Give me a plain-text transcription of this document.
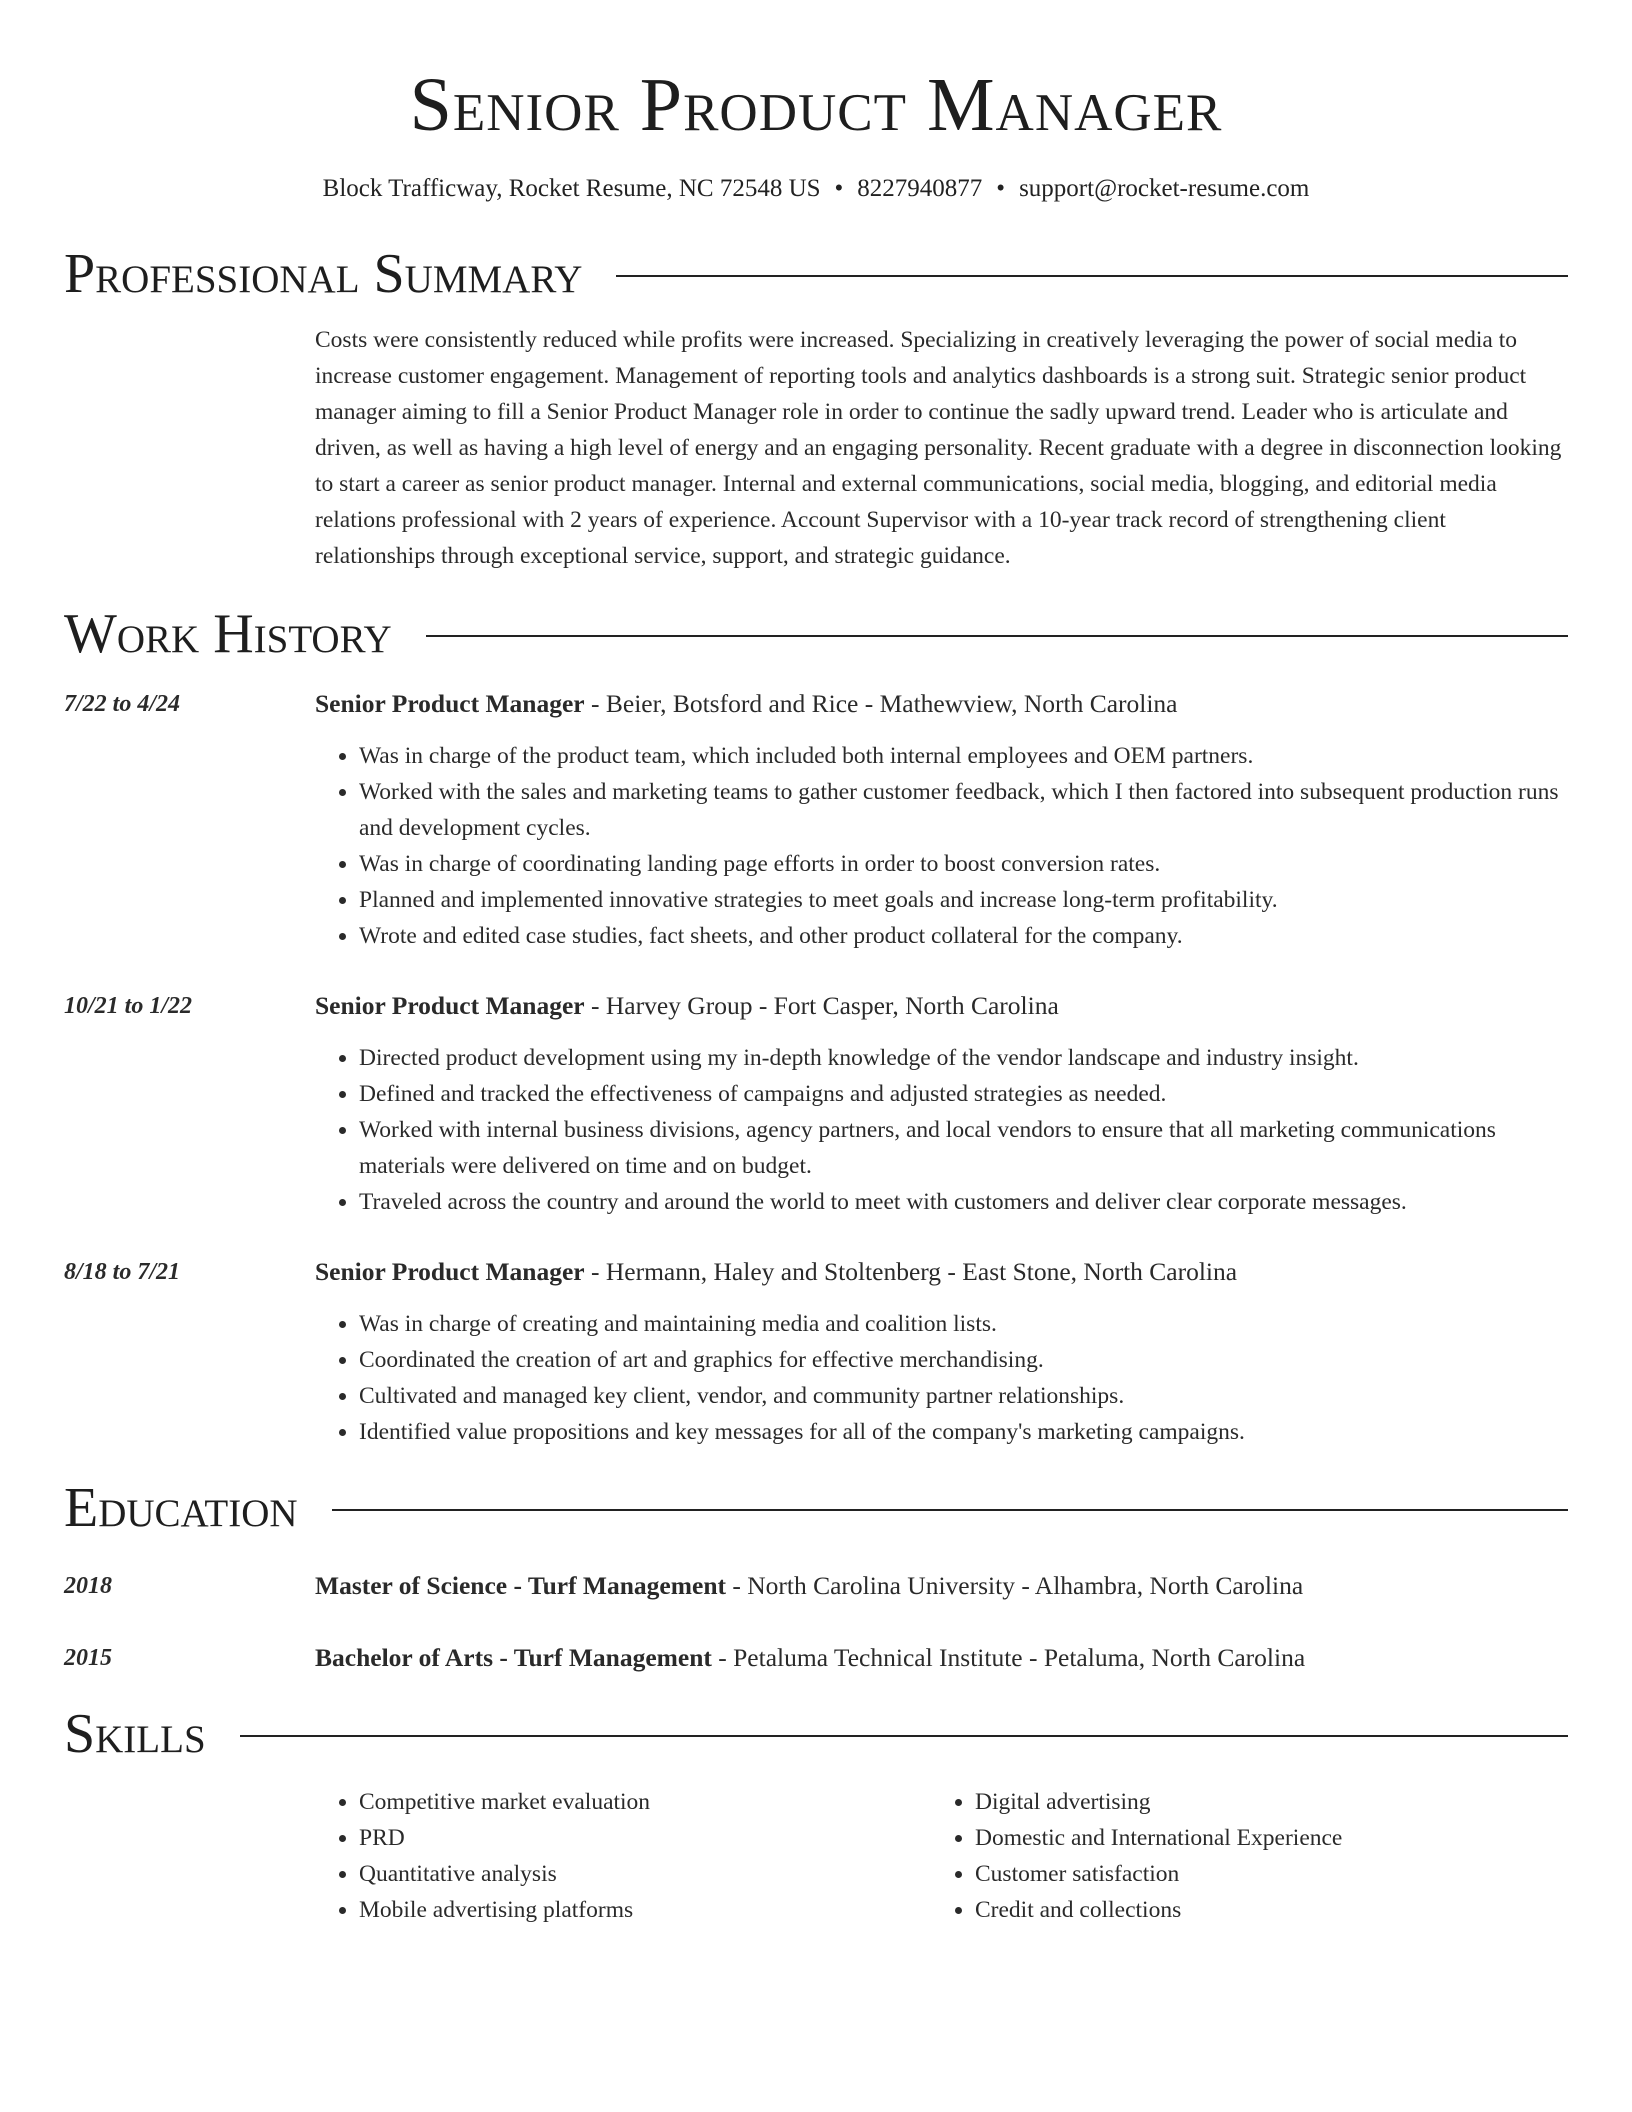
Senior Product Manager
Block Trafficway, Rocket Resume, NC 72548 US • 8227940877 • support@rocket-resume.com
Professional Summary
Costs were consistently reduced while profits were increased. Specializing in creatively leveraging the power of social media to increase customer engagement. Management of reporting tools and analytics dashboards is a strong suit. Strategic senior product manager aiming to fill a Senior Product Manager role in order to continue the sadly upward trend. Leader who is articulate and driven, as well as having a high level of energy and an engaging personality. Recent graduate with a degree in disconnection looking to start a career as senior product manager. Internal and external communications, social media, blogging, and editorial media relations professional with 2 years of experience. Account Supervisor with a 10-year track record of strengthening client relationships through exceptional service, support, and strategic guidance.
Work History
7/22 to 4/24	Senior Product Manager - Beier, Botsford and Rice - Mathewview, North Carolina
• Was in charge of the product team, which included both internal employees and OEM partners.
• Worked with the sales and marketing teams to gather customer feedback, which I then factored into subsequent production runs and development cycles.
• Was in charge of coordinating landing page efforts in order to boost conversion rates.
• Planned and implemented innovative strategies to meet goals and increase long-term profitability.
• Wrote and edited case studies, fact sheets, and other product collateral for the company.
10/21 to 1/22	Senior Product Manager - Harvey Group - Fort Casper, North Carolina
• Directed product development using my in-depth knowledge of the vendor landscape and industry insight.
• Defined and tracked the effectiveness of campaigns and adjusted strategies as needed.
• Worked with internal business divisions, agency partners, and local vendors to ensure that all marketing communications materials were delivered on time and on budget.
• Traveled across the country and around the world to meet with customers and deliver clear corporate messages.
8/18 to 7/21	Senior Product Manager - Hermann, Haley and Stoltenberg - East Stone, North Carolina
• Was in charge of creating and maintaining media and coalition lists.
• Coordinated the creation of art and graphics for effective merchandising.
• Cultivated and managed key client, vendor, and community partner relationships.
• Identified value propositions and key messages for all of the company's marketing campaigns.
Education
2018	Master of Science - Turf Management - North Carolina University - Alhambra, North Carolina
2015	Bachelor of Arts - Turf Management - Petaluma Technical Institute - Petaluma, North Carolina
Skills
• Competitive market evaluation
• PRD
• Quantitative analysis
• Mobile advertising platforms
• Digital advertising
• Domestic and International Experience
• Customer satisfaction
• Credit and collections
